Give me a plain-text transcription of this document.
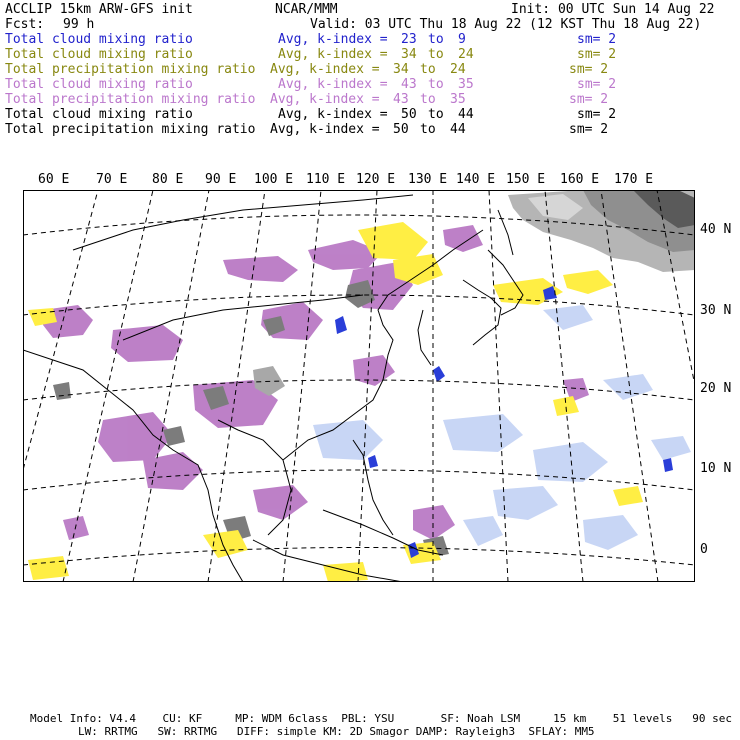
ACCLIP 15km ARW-GFS init	NCAR/MMM	Init: 00 UTC Sun 14 Aug 22
Fcst: 99 h	Valid: 03 UTC Thu 18 Aug 22 (12 KST Thu 18 Aug 22)
Total cloud mixing ratio	Avg, k-index = 23 to 9	sm= 2
Total cloud mixing ratio	Avg, k-index = 34 to 24	sm= 2
Total precipitation mixing ratio Avg, k-index = 34 to 24	sm= 2
Total cloud mixing ratio	Avg, k-index = 43 to 35	sm= 2
Total precipitation mixing ratio Avg, k-index = 43 to 35	sm= 2
Total cloud mixing ratio	Avg, k-index = 50 to 44	sm= 2
Total precipitation mixing ratio Avg, k-index = 50 to 44	sm= 2
60 E 70 E 80 E 90 E 100 E 110 E 120 E 130 E 140 E 150 E 160 E 170 E
40 N
30 N
20 N
10 N
0
Model Info: V4.4    CU: KF     MP: WDM 6class  PBL: YSU       SF: Noah LSM     15 km    51 levels   90 sec
LW: RRTMG   SW: RRTMG   DIFF: simple KM: 2D Smagor DAMP: Rayleigh3  SFLAY: MM5
